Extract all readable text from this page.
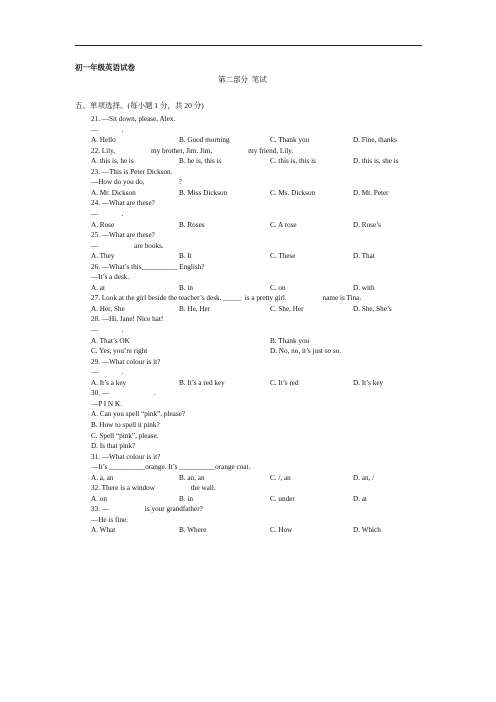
初一年级英语试卷
第二部分  笔试
五、单项选择。(每小题 1 分，共 20 分)
21. —Sit down, please, Alex.
—             .
A. Hello	B. Good morning	C. Thank you	D. Fine, thanks
22. Lily,                    my brother, Jim. Jim,                    my friend, Lily.
A. this is, he is	B. he is, this is	C. this is, this is	D. this is, she is
23. —This is Peter Dickson.
—How do you do,                   ?
A. Mr. Dickson	B. Miss Dickson	C. Ms. Dickson	D. Mr. Peter
24. —What are these?
—             .
A. Rose	B. Roses	C. A rose	D. Rose’s
25. —What are these?
—                    are books.
A. They	B. It	C. These	D. That
26. —What’s this__________ English?
—It’s a desk.
A. at	B. in	C. on	D. with
27. Look at the girl beside the teacher’s desk. _____  is a pretty girl.                    name is Tina.
A. Her, She	B. He, Her	C. She, Her	D. She, She’s
28. —Hi, Jane! Nice hat!
—             .
A. That’s OK	B. Thank you
C. Yes, you’re right	D. No, no, it’s just so so.
29. —What colour is it?
—             .
A. It’s a key	B. It’s a red key	C. It’s red	D. It’s key
30. —                         .
—P I N K.
A. Can you spell “pink”, please?
B. How to spell it pink?
C. Spell “pink”, please.
D. Is that pink?
31. —What colour is it?
—It’s __________orange. It’s __________orange coat.
A. a, an	B. an, an	C. /, an	D. an, /
32. There is a window                    the wall.
A. on	B. in	C. under	D. at
33. —                    is your grandfather?
—He is fine.
A. What	B. Where	C. How	D. Which
